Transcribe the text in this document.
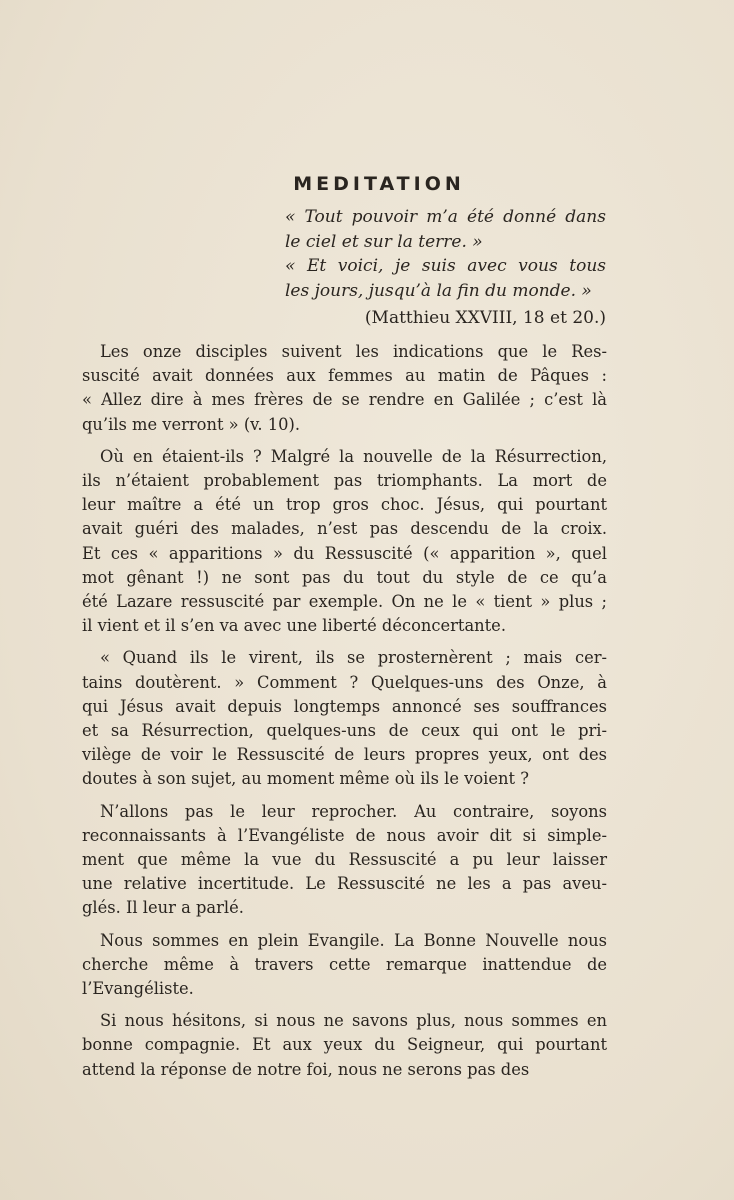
MEDITATION
« Tout pouvoir m’a été donné dans
le ciel et sur la terre. »
« Et voici, je suis avec vous tous
les jours, jusqu’à la fin du monde. »
(Matthieu XXVIII, 18 et 20.)
Les onze disciples suivent les indications que le Res-
suscité avait données aux femmes au matin de Pâques :
« Allez dire à mes frères de se rendre en Galilée ; c’est là
qu’ils me verront » (v. 10).
Où en étaient-ils ? Malgré la nouvelle de la Résurrection,
ils n’étaient probablement pas triomphants. La mort de
leur maître a été un trop gros choc. Jésus, qui pourtant
avait guéri des malades, n’est pas descendu de la croix.
Et ces « apparitions » du Ressuscité (« apparition », quel
mot gênant !) ne sont pas du tout du style de ce qu’a
été Lazare ressuscité par exemple. On ne le « tient » plus ;
il vient et il s’en va avec une liberté déconcertante.
« Quand ils le virent, ils se prosternèrent ; mais cer-
tains doutèrent. » Comment ? Quelques-uns des Onze, à
qui Jésus avait depuis longtemps annoncé ses souffrances
et sa Résurrection, quelques-uns de ceux qui ont le pri-
vilège de voir le Ressuscité de leurs propres yeux, ont des
doutes à son sujet, au moment même où ils le voient ?
N’allons pas le leur reprocher. Au contraire, soyons
reconnaissants à l’Evangéliste de nous avoir dit si simple-
ment que même la vue du Ressuscité a pu leur laisser
une relative incertitude. Le Ressuscité ne les a pas aveu-
glés. Il leur a parlé.
Nous sommes en plein Evangile. La Bonne Nouvelle nous
cherche même à travers cette remarque inattendue de
l’Evangéliste.
Si nous hésitons, si nous ne savons plus, nous sommes en
bonne compagnie. Et aux yeux du Seigneur, qui pourtant
attend la réponse de notre foi, nous ne serons pas des
